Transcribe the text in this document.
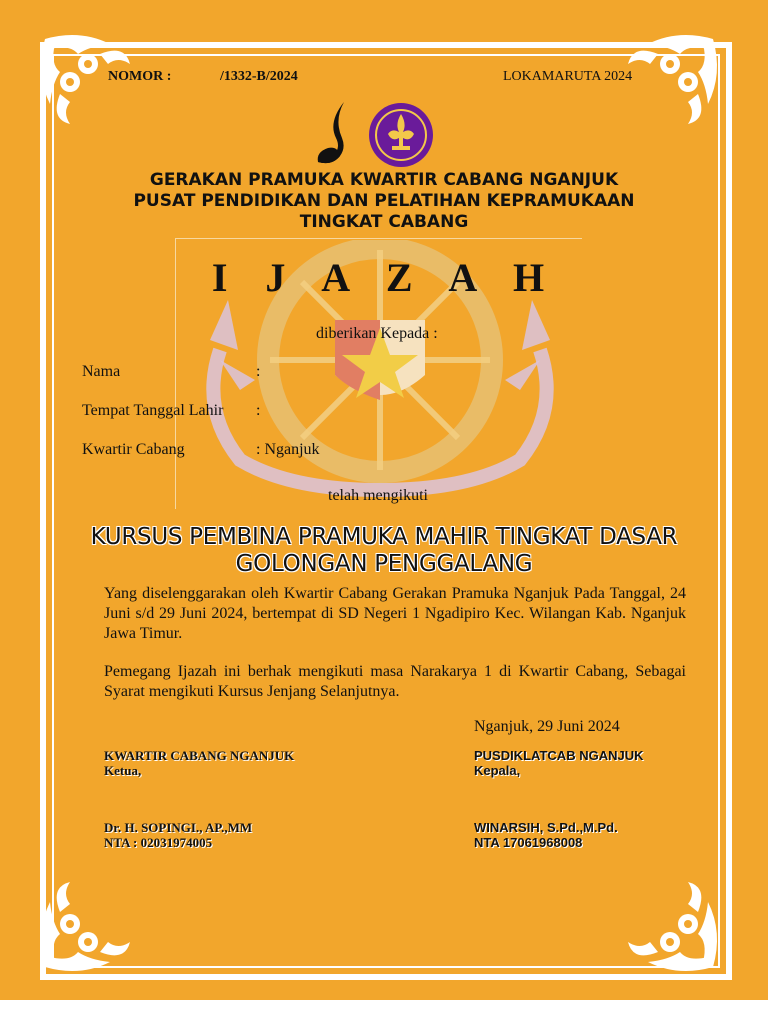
NOMOR :	/1332-B/2024	LOKAMARUTA 2024
GERAKAN PRAMUKA KWARTIR CABANG NGANJUK
PUSAT PENDIDIKAN DAN PELATIHAN KEPRAMUKAAN
TINGKAT CABANG
I J A Z A H
diberikan Kepada :
Nama	:
Tempat Tanggal Lahir :
Kwartir Cabang	: Nganjuk
telah mengikuti
KURSUS PEMBINA PRAMUKA MAHIR TINGKAT DASAR
GOLONGAN PENGGALANG
Yang diselenggarakan oleh Kwartir Cabang Gerakan Pramuka Nganjuk Pada Tanggal, 24 Juni s/d 29 Juni 2024, bertempat di SD Negeri 1 Ngadipiro Kec. Wilangan Kab. Nganjuk Jawa Timur.
Pemegang Ijazah ini berhak mengikuti masa Narakarya 1 di Kwartir Cabang, Sebagai Syarat mengikuti Kursus Jenjang Selanjutnya.
Nganjuk, 29 Juni 2024
KWARTIR CABANG NGANJUK
Ketua,
Dr. H. SOPINGI., AP.,MM
NTA : 02031974005
PUSDIKLATCAB NGANJUK
Kepala,
WINARSIH, S.Pd.,M.Pd.
NTA 17061968008
